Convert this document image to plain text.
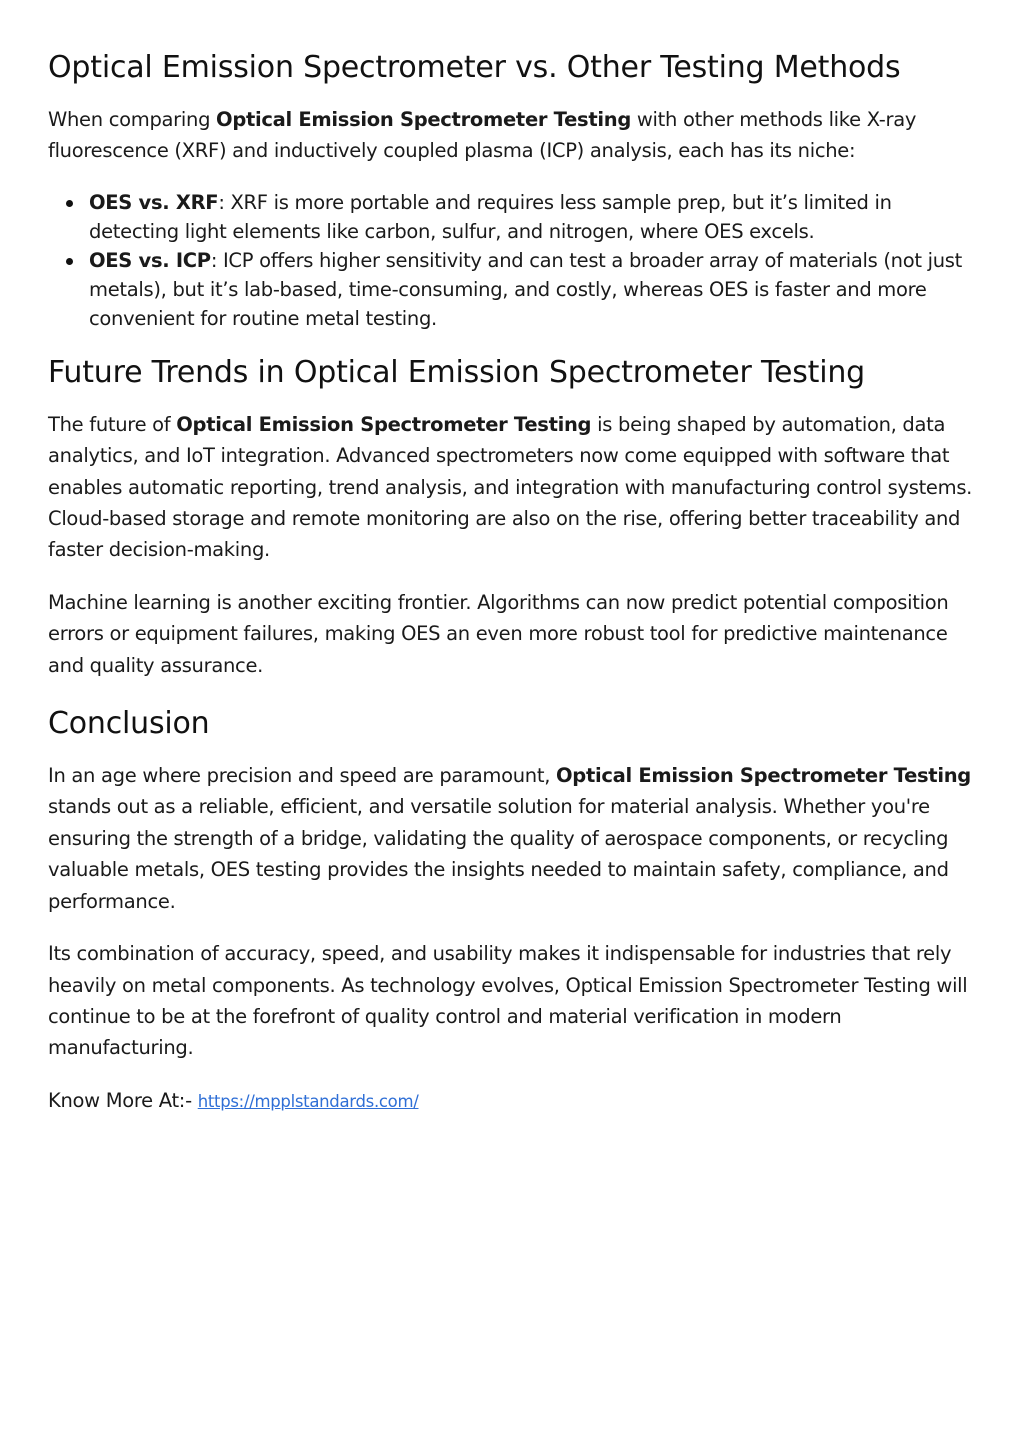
Optical Emission Spectrometer vs. Other Testing Methods

When comparing Optical Emission Spectrometer Testing with other methods like X-ray fluorescence (XRF) and inductively coupled plasma (ICP) analysis, each has its niche:

OES vs. XRF: XRF is more portable and requires less sample prep, but it’s limited in detecting light elements like carbon, sulfur, and nitrogen, where OES excels.
OES vs. ICP: ICP offers higher sensitivity and can test a broader array of materials (not just metals), but it’s lab-based, time-consuming, and costly, whereas OES is faster and more convenient for routine metal testing.
Future Trends in Optical Emission Spectrometer Testing

The future of Optical Emission Spectrometer Testing is being shaped by automation, data analytics, and IoT integration. Advanced spectrometers now come equipped with software that enables automatic reporting, trend analysis, and integration with manufacturing control systems. Cloud-based storage and remote monitoring are also on the rise, offering better traceability and faster decision-making.

Machine learning is another exciting frontier. Algorithms can now predict potential composition errors or equipment failures, making OES an even more robust tool for predictive maintenance and quality assurance.

Conclusion

In an age where precision and speed are paramount, Optical Emission Spectrometer Testing stands out as a reliable, efficient, and versatile solution for material analysis. Whether you're ensuring the strength of a bridge, validating the quality of aerospace components, or recycling valuable metals, OES testing provides the insights needed to maintain safety, compliance, and performance.

Its combination of accuracy, speed, and usability makes it indispensable for industries that rely heavily on metal components. As technology evolves, Optical Emission Spectrometer Testing will continue to be at the forefront of quality control and material verification in modern manufacturing.

Know More At:- https://mpplstandards.com/
